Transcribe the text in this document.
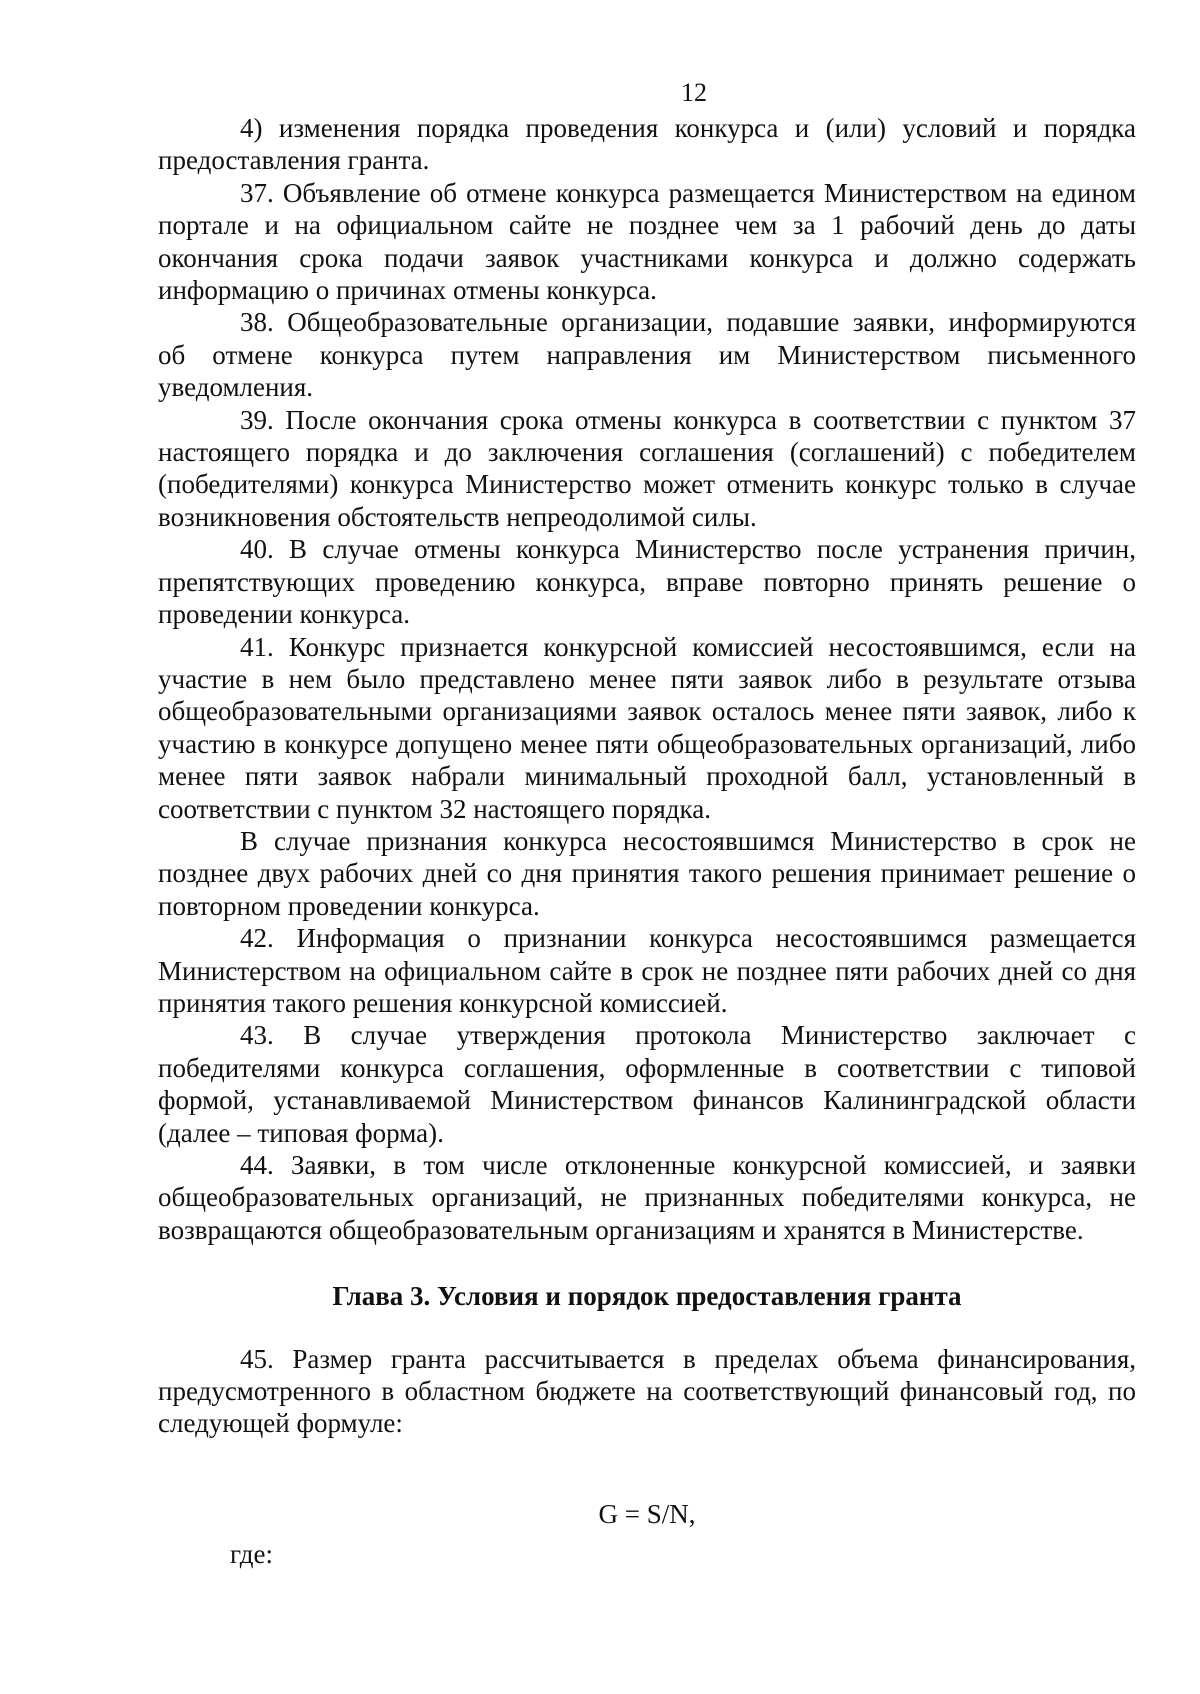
12

4) изменения порядка проведения конкурса и (или) условий и порядка предоставления гранта.

37. Объявление об отмене конкурса размещается Министерством на едином портале и на официальном сайте не позднее чем за 1 рабочий день до даты окончания срока подачи заявок участниками конкурса и должно содержать информацию о причинах отмены конкурса.

38. Общеобразовательные организации, подавшие заявки, информируются об отмене конкурса путем направления им Министерством письменного уведомления.

39. После окончания срока отмены конкурса в соответствии с пунктом 37 настоящего порядка и до заключения соглашения (соглашений) с победителем (победителями) конкурса Министерство может отменить конкурс только в случае возникновения обстоятельств непреодолимой силы.

40. В случае отмены конкурса Министерство после устранения причин, препятствующих проведению конкурса, вправе повторно принять решение о проведении конкурса.

41. Конкурс признается конкурсной комиссией несостоявшимся, если на участие в нем было представлено менее пяти заявок либо в результате отзыва общеобразовательными организациями заявок осталось менее пяти заявок, либо к участию в конкурсе допущено менее пяти общеобразовательных организаций, либо менее пяти заявок набрали минимальный проходной балл, установленный в соответствии с пунктом 32 настоящего порядка.

В случае признания конкурса несостоявшимся Министерство в срок не позднее двух рабочих дней со дня принятия такого решения принимает решение о повторном проведении конкурса.

42. Информация о признании конкурса несостоявшимся размещается Министерством на официальном сайте в срок не позднее пяти рабочих дней со дня принятия такого решения конкурсной комиссией.

43. В случае утверждения протокола Министерство заключает с победителями конкурса соглашения, оформленные в соответствии с типовой формой, устанавливаемой Министерством финансов Калининградской области (далее – типовая форма).

44. Заявки, в том числе отклоненные конкурсной комиссией, и заявки общеобразовательных организаций, не признанных победителями конкурса, не возвращаются общеобразовательным организациям и хранятся в Министерстве.

Глава 3. Условия и порядок предоставления гранта

45. Размер гранта рассчитывается в пределах объема финансирования, предусмотренного в областном бюджете на соответствующий финансовый год, по следующей формуле:

G = S/N,
где:
